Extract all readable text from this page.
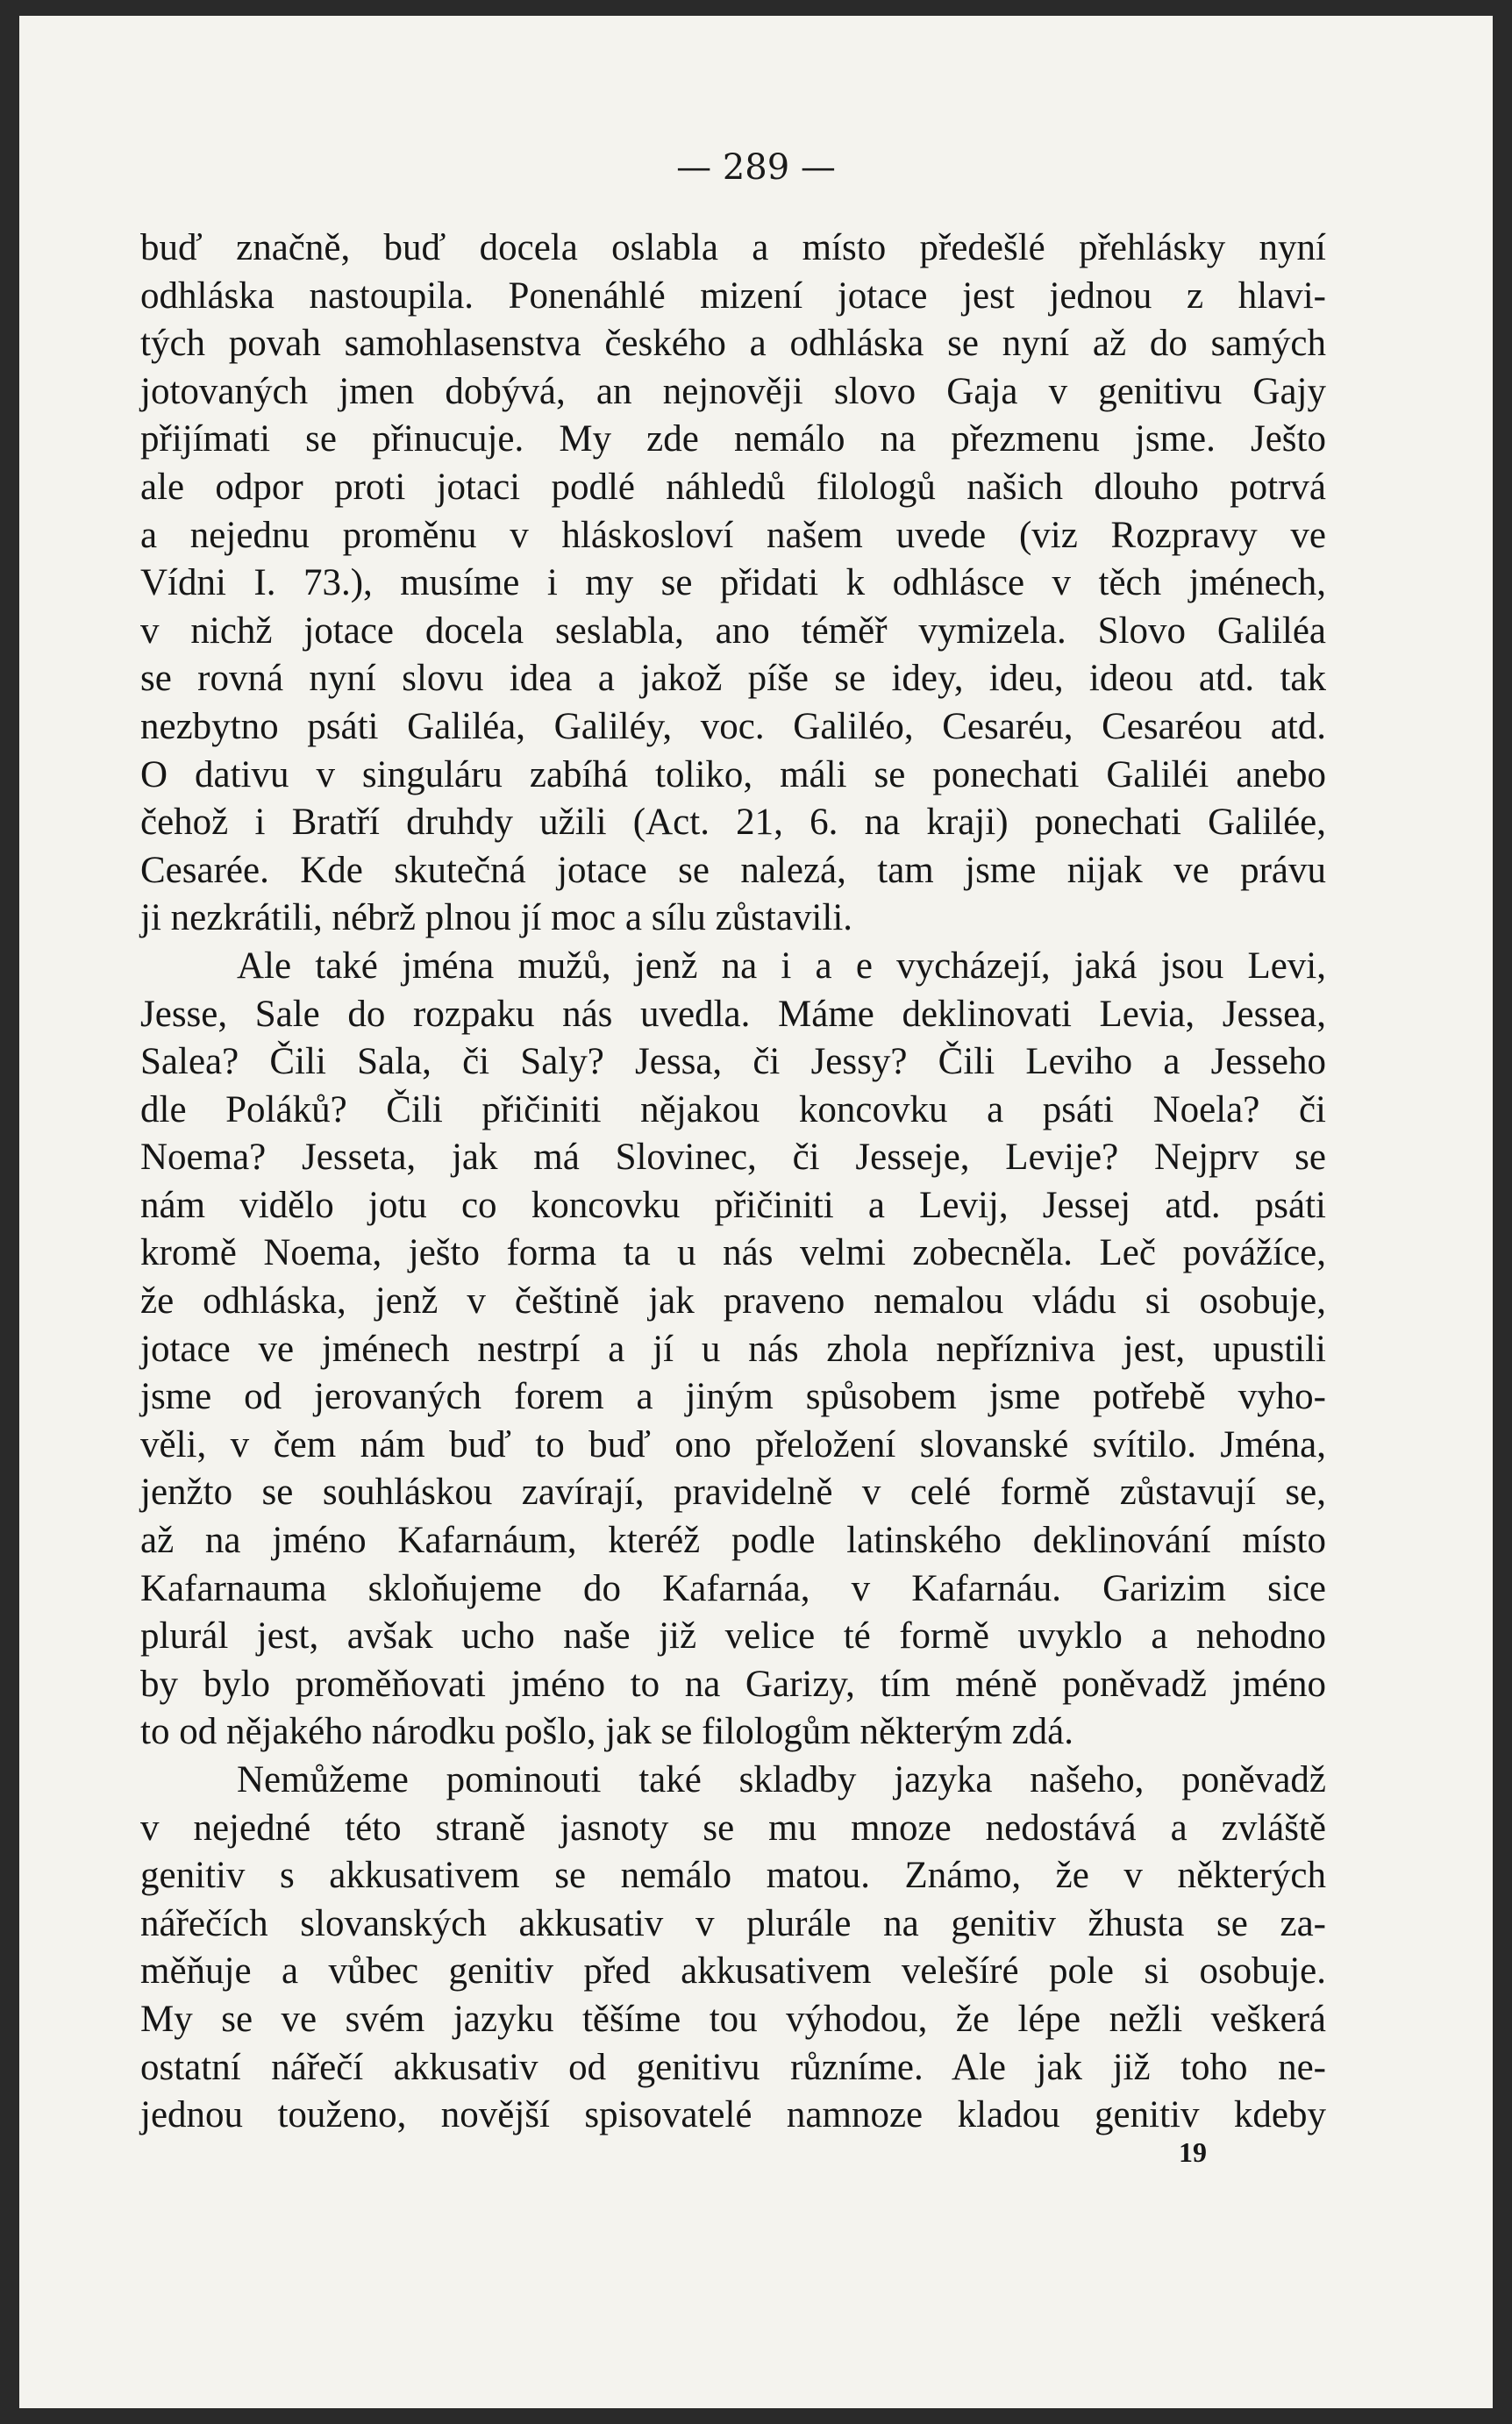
— 289 —
buď značně, buď docela oslabla a místo předešlé přehlásky nyní
odhláska nastoupila. Ponenáhlé mizení jotace jest jednou z hlavi-
tých povah samohlasenstva českého a odhláska se nyní až do samých
jotovaných jmen dobývá, an nejnověji slovo Gaja v genitivu Gajy
přijímati se přinucuje. My zde nemálo na přezmenu jsme. Ješto
ale odpor proti jotaci podlé náhledů filologů našich dlouho potrvá
a nejednu proměnu v hláskosloví našem uvede (viz Rozpravy ve
Vídni I. 73.), musíme i my se přidati k odhlásce v těch jménech,
v nichž jotace docela seslabla, ano téměř vymizela. Slovo Galiléa
se rovná nyní slovu idea a jakož píše se idey, ideu, ideou atd. tak
nezbytno psáti Galiléa, Galiléy, voc. Galiléo, Cesaréu, Cesaréou atd.
O dativu v singuláru zabíhá toliko, máli se ponechati Galiléi anebo
čehož i Bratří druhdy užili (Act. 21, 6. na kraji) ponechati Galilée,
Cesarée. Kde skutečná jotace se nalezá, tam jsme nijak ve právu
ji nezkrátili, nébrž plnou jí moc a sílu zůstavili.
Ale také jména mužů, jenž na i a e vycházejí, jaká jsou Levi,
Jesse, Sale do rozpaku nás uvedla. Máme deklinovati Levia, Jessea,
Salea? Čili Sala, či Saly? Jessa, či Jessy? Čili Leviho a Jesseho
dle Poláků? Čili přičiniti nějakou koncovku a psáti Noela? či
Noema? Jesseta, jak má Slovinec, či Jesseje, Levije? Nejprv se
nám vidělo jotu co koncovku přičiniti a Levij, Jessej atd. psáti
kromě Noema, ješto forma ta u nás velmi zobecněla. Leč povážíce,
že odhláska, jenž v češtině jak praveno nemalou vládu si osobuje,
jotace ve jménech nestrpí a jí u nás zhola nepřízniva jest, upustili
jsme od jerovaných forem a jiným spůsobem jsme potřebě vyho-
věli, v čem nám buď to buď ono přeložení slovanské svítilo. Jména,
jenžto se souhláskou zavírají, pravidelně v celé formě zůstavují se,
až na jméno Kafarnáum, kteréž podle latinského deklinování místo
Kafarnauma skloňujeme do Kafarnáa, v Kafarnáu. Garizim sice
plurál jest, avšak ucho naše již velice té formě uvyklo a nehodno
by bylo proměňovati jméno to na Garizy, tím méně poněvadž jméno
to od nějakého národku pošlo, jak se filologům některým zdá.
Nemůžeme pominouti také skladby jazyka našeho, poněvadž
v nejedné této straně jasnoty se mu mnoze nedostává a zvláště
genitiv s akkusativem se nemálo matou. Známo, že v některých
nářečích slovanských akkusativ v plurále na genitiv žhusta se za-
měňuje a vůbec genitiv před akkusativem velešíré pole si osobuje.
My se ve svém jazyku těšíme tou výhodou, že lépe nežli veškerá
ostatní nářečí akkusativ od genitivu různíme. Ale jak již toho ne-
jednou touženo, novější spisovatelé namnoze kladou genitiv kdeby
19
